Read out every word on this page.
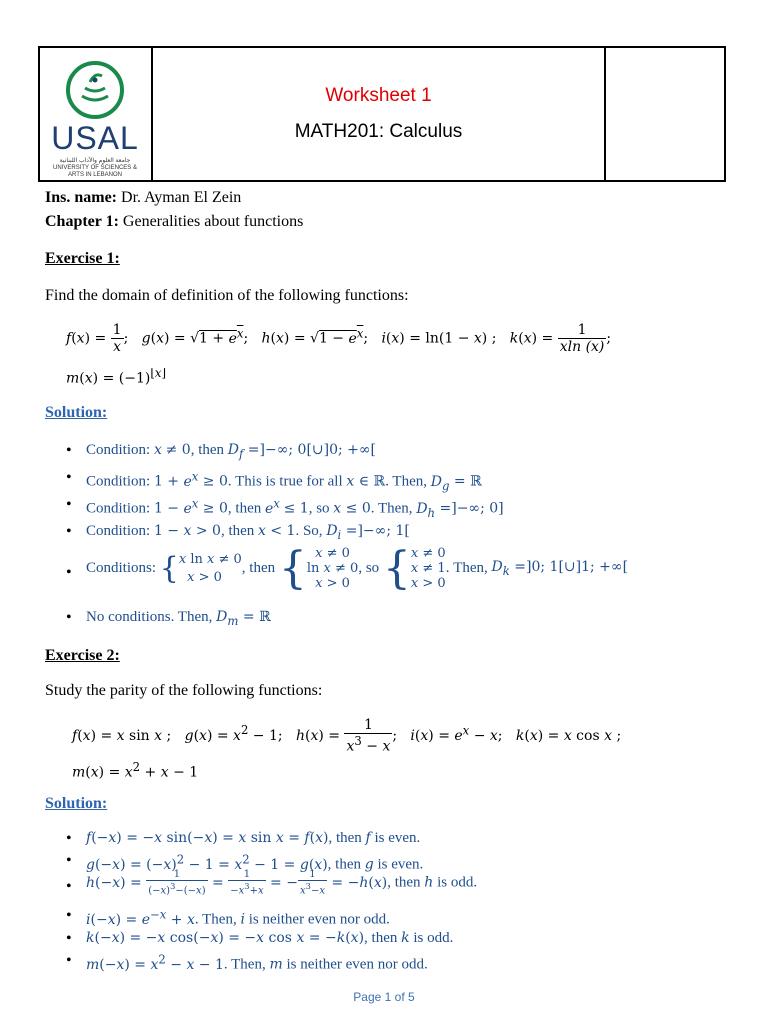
USAL
جامعة العلوم والآداب اللبنانية UNIVERSITY OF SCIENCES & ARTS IN LEBANON
Worksheet 1
MATH201: Calculus
Ins. name: Dr. Ayman El Zein
Chapter 1: Generalities about functions
Exercise 1:
Find the domain of definition of the following functions:
$f(x) = \frac{1}{x}$ ;   $g(x) = √1 + e^x$;   $h(x) = √1 - e^x$;   i(x) = ln(1 − x) ;   $k(x) = \frac{1}{xln (x)}$ ;
$m(x) = (-1)^{⌊x⌋}$
Solution:
Condition: x ≠ 0, then $D_f$ =]−∞; 0[∪]0; +∞[
Condition: $1 + e^x \ge 0$. This is true for all x ∈ ℝ. Then, $D_g$ = ℝ
Condition: $1 - e^x \ge 0$, then $e^x \le 1$, so x ≤ 0. Then, $D_h$ =]−∞; 0]
Condition: 1 − x > 0, then x < 1. So, $D_i$ =]−∞; 1[
Conditions: { x ln x ≠ 0
x > 0
, then { x ≠ 0
ln x ≠ 0
x > 0
, so { x ≠ 0
x ≠ 1
x > 0
. Then, $D_k =]0$; 1[∪]1; +∞[
No conditions. Then, $D_m$ = ℝ
Exercise 2:
Study the parity of the following functions:
f(x) = x sin x ;   $g(x) = x^2 - 1$;   $h(x) = \frac{1}{x^3 - x}$ ;   $i(x) = e^x - x$;   k(x) = x cos x ;
$m(x) = x^2 + x - 1$
Solution:
f(−x) = −x sin(−x) = x sin x = f(x), then f is even.
$g(-x) = (-x)^2 - 1 = x^2 - 1 = g(x)$, then g is even.
$h(-x) = \frac{1}{(-x)^3-(-x)} = \frac{1}{-x^3+x}$ = − $\frac{1}{x^3-x} = -h(x)$, then h is odd.
$i(-x) = e^{-x} + x$. Then, i is neither even nor odd.
k(−x) = −x cos(−x) = −x cos x = −k(x), then k is odd.
$m(-x) = x^2 - x - 1$. Then, m is neither even nor odd.
Page 1 of 5
